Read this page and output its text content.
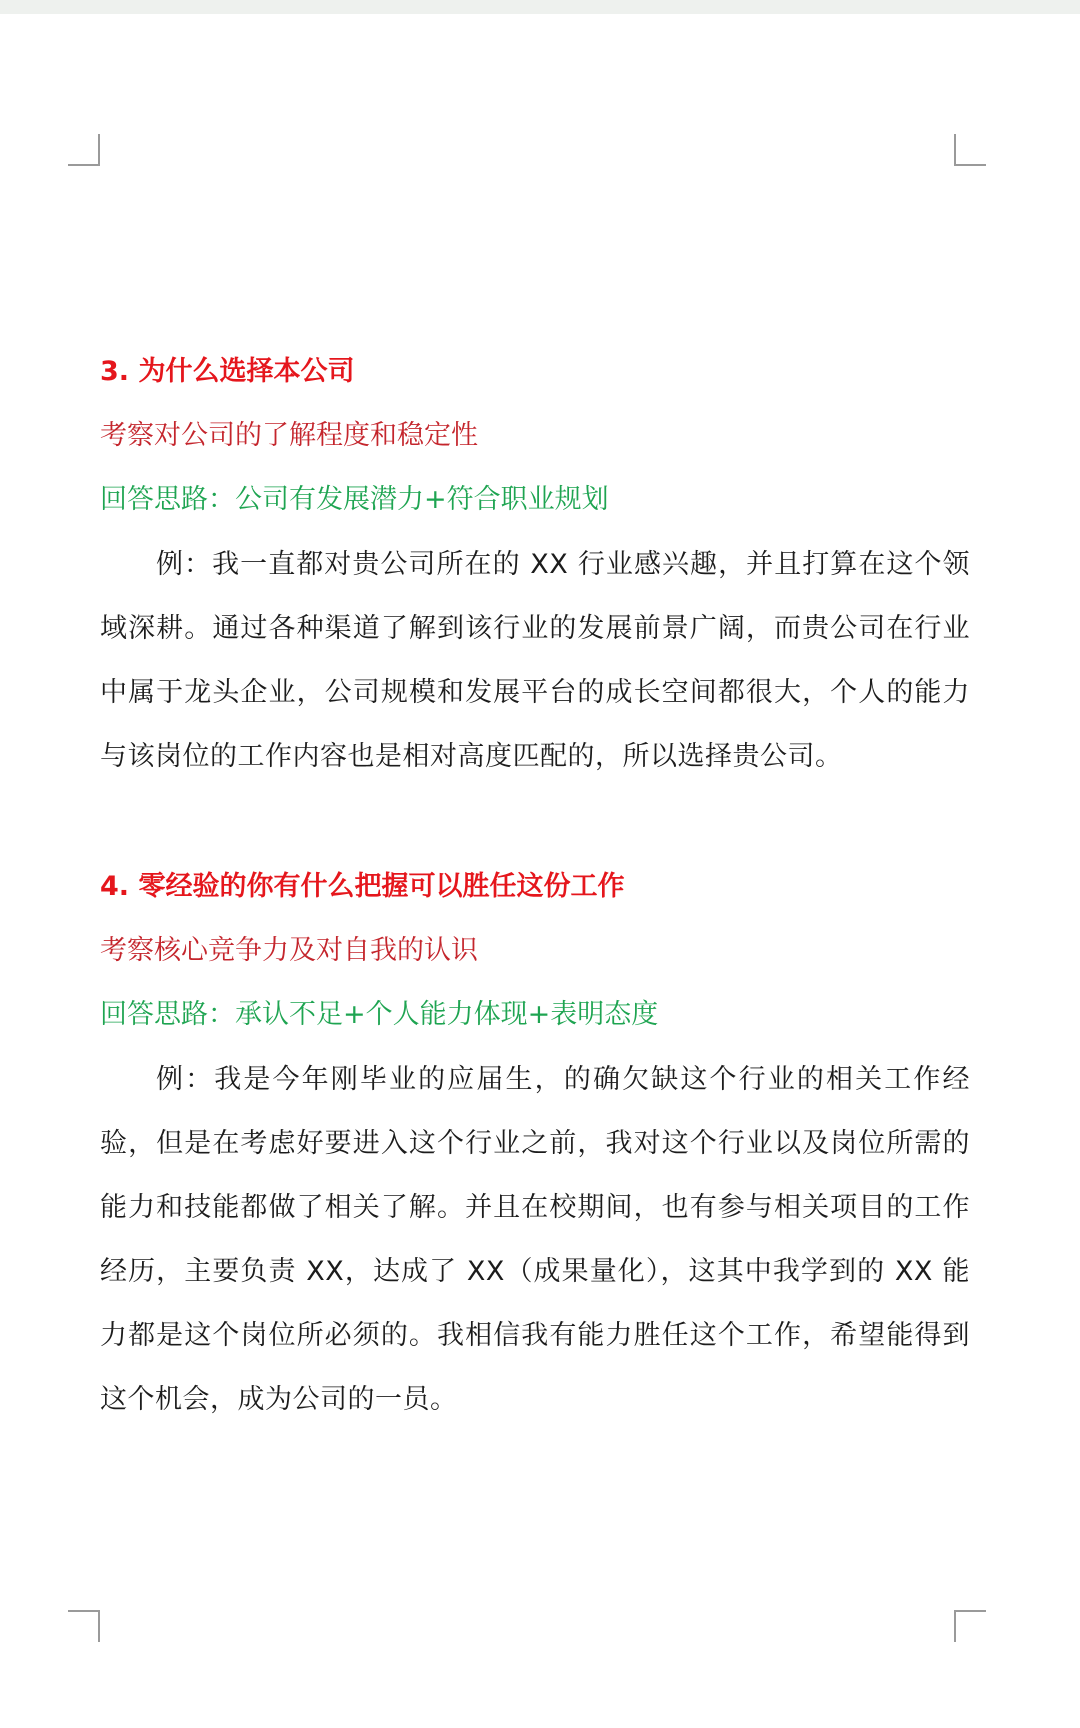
3. 为什么选择本公司
考察对公司的了解程度和稳定性
回答思路：公司有发展潜力+符合职业规划

例：我一直都对贵公司所在的 XX 行业感兴趣，并且打算在这个领域深耕。通过各种渠道了解到该行业的发展前景广阔，而贵公司在行业中属于龙头企业，公司规模和发展平台的成长空间都很大，个人的能力与该岗位的工作内容也是相对高度匹配的，所以选择贵公司。

4. 零经验的你有什么把握可以胜任这份工作
考察核心竞争力及对自我的认识
回答思路：承认不足+个人能力体现+表明态度

例：我是今年刚毕业的应届生，的确欠缺这个行业的相关工作经验，但是在考虑好要进入这个行业之前，我对这个行业以及岗位所需的能力和技能都做了相关了解。并且在校期间，也有参与相关项目的工作经历，主要负责 XX，达成了 XX（成果量化），这其中我学到的 XX 能力都是这个岗位所必须的。我相信我有能力胜任这个工作，希望能得到这个机会，成为公司的一员。
